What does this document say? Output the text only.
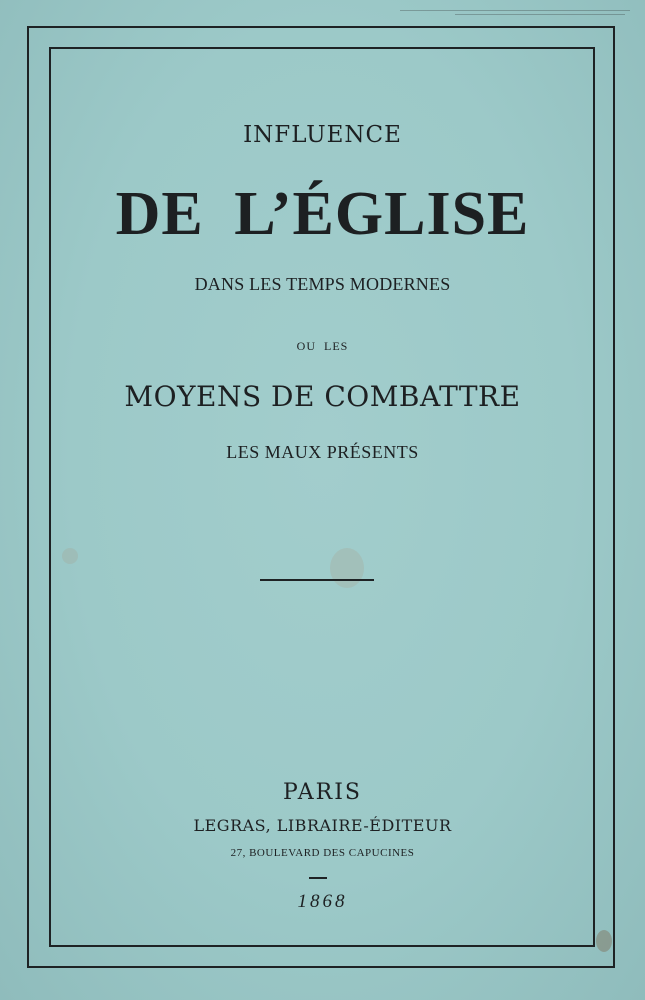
INFLUENCE
DE L’ÉGLISE
DANS LES TEMPS MODERNES
OU LES
MOYENS DE COMBATTRE
LES MAUX PRÉSENTS
PARIS
LEGRAS, LIBRAIRE-ÉDITEUR
27, BOULEVARD DES CAPUCINES
1868
